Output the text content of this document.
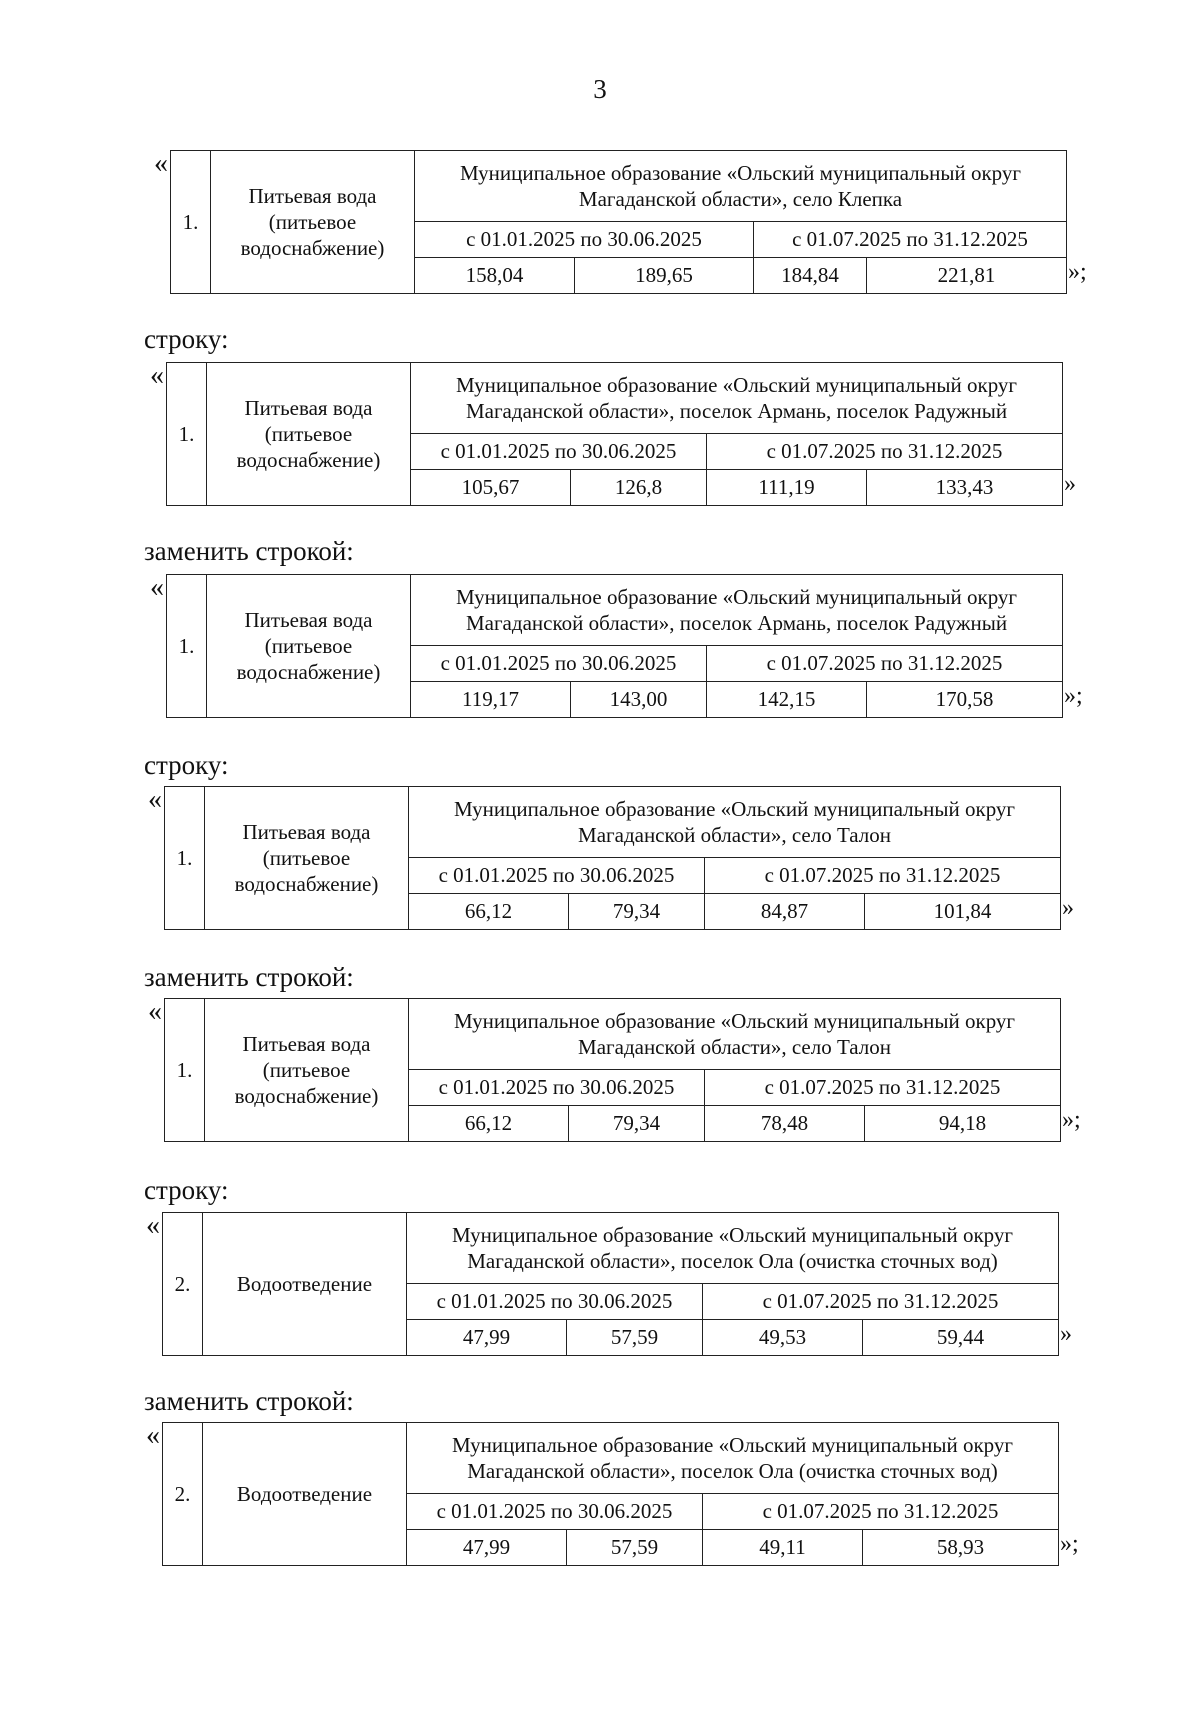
3
«
1.	Питьевая вода (питьевое водоснабжение)	Муниципальное образование «Ольский муниципальный округ Магаданской области», село Клепка			
		с 01.01.2025 по 30.06.2025		с 01.07.2025 по 31.12.2025	
		158,04	189,65	184,84	221,81	»;
строку:
«
1.	Питьевая вода (питьевое водоснабжение)	Муниципальное образование «Ольский муниципальный округ Магаданской области», поселок Армань, поселок Радужный			
		с 01.01.2025 по 30.06.2025		с 01.07.2025 по 31.12.2025	
		105,67	126,8	111,19	133,43	»
заменить строкой:
«
1.	Питьевая вода (питьевое водоснабжение)	Муниципальное образование «Ольский муниципальный округ Магаданской области», поселок Армань, поселок Радужный			
		с 01.01.2025 по 30.06.2025		с 01.07.2025 по 31.12.2025	
		119,17	143,00	142,15	170,58	»;
строку:
«
1.	Питьевая вода (питьевое водоснабжение)	Муниципальное образование «Ольский муниципальный округ Магаданской области», село Талон			
		с 01.01.2025 по 30.06.2025		с 01.07.2025 по 31.12.2025	
		66,12	79,34	84,87	101,84	»
заменить строкой:
«
1.	Питьевая вода (питьевое водоснабжение)	Муниципальное образование «Ольский муниципальный округ Магаданской области», село Талон			
		с 01.01.2025 по 30.06.2025		с 01.07.2025 по 31.12.2025	
		66,12	79,34	78,48	94,18	»;
строку:
«
2.	Водоотведение	Муниципальное образование «Ольский муниципальный округ Магаданской области», поселок Ола (очистка сточных вод)			
		с 01.01.2025 по 30.06.2025		с 01.07.2025 по 31.12.2025	
		47,99	57,59	49,53	59,44	»
заменить строкой:
«
2.	Водоотведение	Муниципальное образование «Ольский муниципальный округ Магаданской области», поселок Ола (очистка сточных вод)			
		с 01.01.2025 по 30.06.2025		с 01.07.2025 по 31.12.2025	
		47,99	57,59	49,11	58,93	»;
